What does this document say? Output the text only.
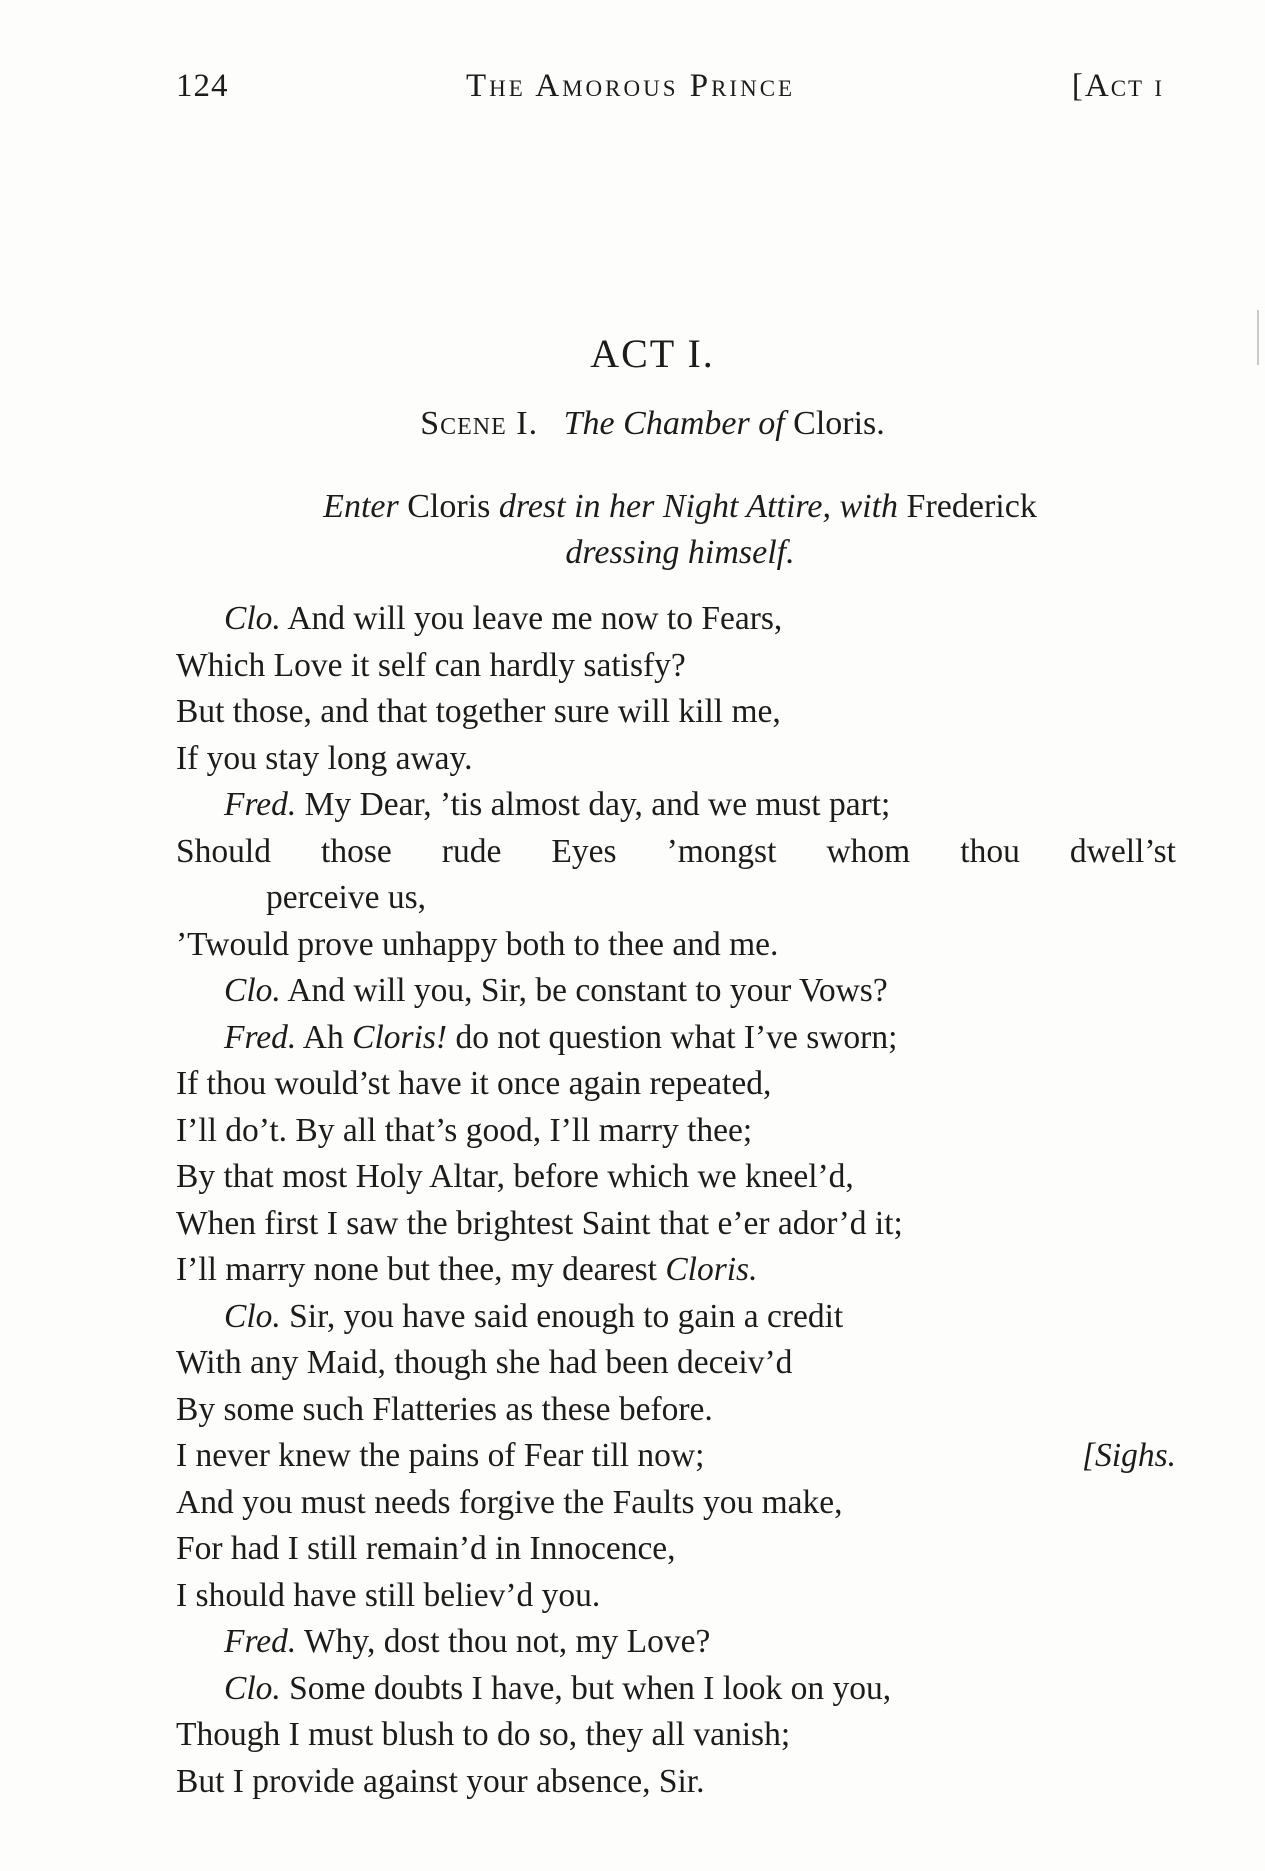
124	The Amorous Prince	[Act i
ACT I.
Scene I. The Chamber of Cloris.
Enter Cloris drest in her Night Attire, with Frederick
dressing himself.
Clo. And will you leave me now to Fears,
Which Love it self can hardly satisfy?
But those, and that together sure will kill me,
If you stay long away.
Fred. My Dear, ’tis almost day, and we must part;
Should those rude Eyes ’mongst whom thou dwell’st
perceive us,
’Twould prove unhappy both to thee and me.
Clo. And will you, Sir, be constant to your Vows?
Fred. Ah Cloris! do not question what I’ve sworn;
If thou would’st have it once again repeated,
I’ll do’t. By all that’s good, I’ll marry thee;
By that most Holy Altar, before which we kneel’d,
When first I saw the brightest Saint that e’er ador’d it;
I’ll marry none but thee, my dearest Cloris.
Clo. Sir, you have said enough to gain a credit
With any Maid, though she had been deceiv’d
By some such Flatteries as these before.
I never knew the pains of Fear till now;	[Sighs.
And you must needs forgive the Faults you make,
For had I still remain’d in Innocence,
I should have still believ’d you.
Fred. Why, dost thou not, my Love?
Clo. Some doubts I have, but when I look on you,
Though I must blush to do so, they all vanish;
But I provide against your absence, Sir.
